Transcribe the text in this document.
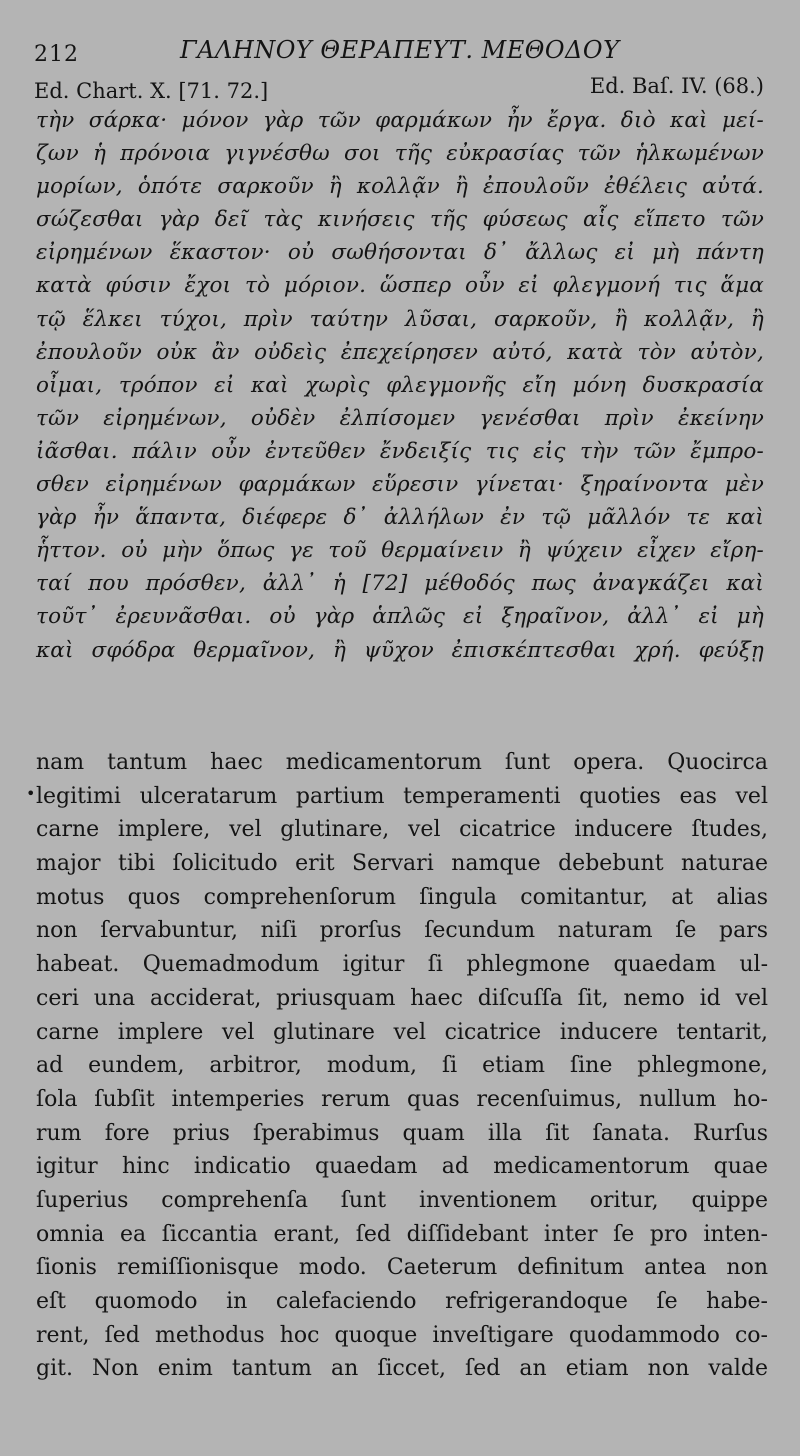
212	ΓΑΛΗΝΟΥ ΘΕΡΑΠΕΥΤ. ΜΕΘΟΔΟΥ
Ed. Chart. X. [71. 72.]	Ed. Baſ. IV. (68.)
τὴν σάρκα· μόνον γὰρ τῶν φαρμάκων ἦν ἔργα. διὸ καὶ μεί-
ζων ἡ πρόνοια γιγνέσθω σοι τῆς εὐκρασίας τῶν ἡλκωμένων
μορίων, ὁπότε σαρκοῦν ἢ κολλᾷν ἢ ἐπουλοῦν ἐθέλεις αὐτά.
σώζεσθαι γὰρ δεῖ τὰς κινήσεις τῆς φύσεως αἷς εἵπετο τῶν
εἰρημένων ἕκαστον· οὐ σωθήσονται δ᾽ ἄλλως εἰ μὴ πάντη
κατὰ φύσιν ἔχοι τὸ μόριον. ὥσπερ οὖν εἰ φλεγμονή τις ἅμα
τῷ ἕλκει τύχοι, πρὶν ταύτην λῦσαι, σαρκοῦν, ἢ κολλᾷν, ἢ
ἐπουλοῦν οὐκ ἂν οὐδεὶς ἐπεχείρησεν αὐτό, κατὰ τὸν αὐτὸν,
οἶμαι, τρόπον εἰ καὶ χωρὶς φλεγμονῆς εἴη μόνη δυσκρασία
τῶν εἰρημένων, οὐδὲν ἐλπίσομεν γενέσθαι πρὶν ἐκείνην
ἰᾶσθαι. πάλιν οὖν ἐντεῦθεν ἔνδειξίς τις εἰς τὴν τῶν ἔμπρο-
σθεν εἰρημένων φαρμάκων εὕρεσιν γίνεται· ξηραίνοντα μὲν
γὰρ ἦν ἅπαντα, διέφερε δ᾽ ἀλλήλων ἐν τῷ μᾶλλόν τε καὶ
ἧττον. οὐ μὴν ὅπως γε τοῦ θερμαίνειν ἢ ψύχειν εἶχεν εἴρη-
ταί που πρόσθεν, ἀλλ᾽ ἡ [72] μέθοδός πως ἀναγκάζει καὶ
τοῦτ᾽ ἐρευνᾶσθαι. οὐ γὰρ ἁπλῶς εἰ ξηραῖνον, ἀλλ᾽ εἰ μὴ
καὶ σφόδρα θερμαῖνον, ἢ ψῦχον ἐπισκέπτεσθαι χρή. φεύξῃ
•
nam tantum haec medicamentorum ſunt opera. Quocirca
legitimi ulceratarum partium temperamenti quoties eas vel
carne implere, vel glutinare, vel cicatrice inducere ſtudes,
major tibi ſolicitudo erit Servari namque debebunt naturae
motus quos comprehenſorum ſingula comitantur, at alias
non ſervabuntur, niſi prorſus ſecundum naturam ſe pars
habeat. Quemadmodum igitur ſi phlegmone quaedam ul-
ceri una acciderat, priusquam haec diſcuſſa ſit, nemo id vel
carne implere vel glutinare vel cicatrice inducere tentarit,
ad eundem, arbitror, modum, ſi etiam ſine phlegmone,
ſola ſubſit intemperies rerum quas recenſuimus, nullum ho-
rum fore prius ſperabimus quam illa ſit ſanata. Rurſus
igitur hinc indicatio quaedam ad medicamentorum quae
ſuperius comprehenſa ſunt inventionem oritur, quippe
omnia ea ſiccantia erant, ſed diſſidebant inter ſe pro inten-
ſionis remiſſionisque modo. Caeterum definitum antea non
eſt quomodo in calefaciendo refrigerandoque ſe habe-
rent, ſed methodus hoc quoque inveſtigare quodammodo co-
git. Non enim tantum an ſiccet, ſed an etiam non valde
